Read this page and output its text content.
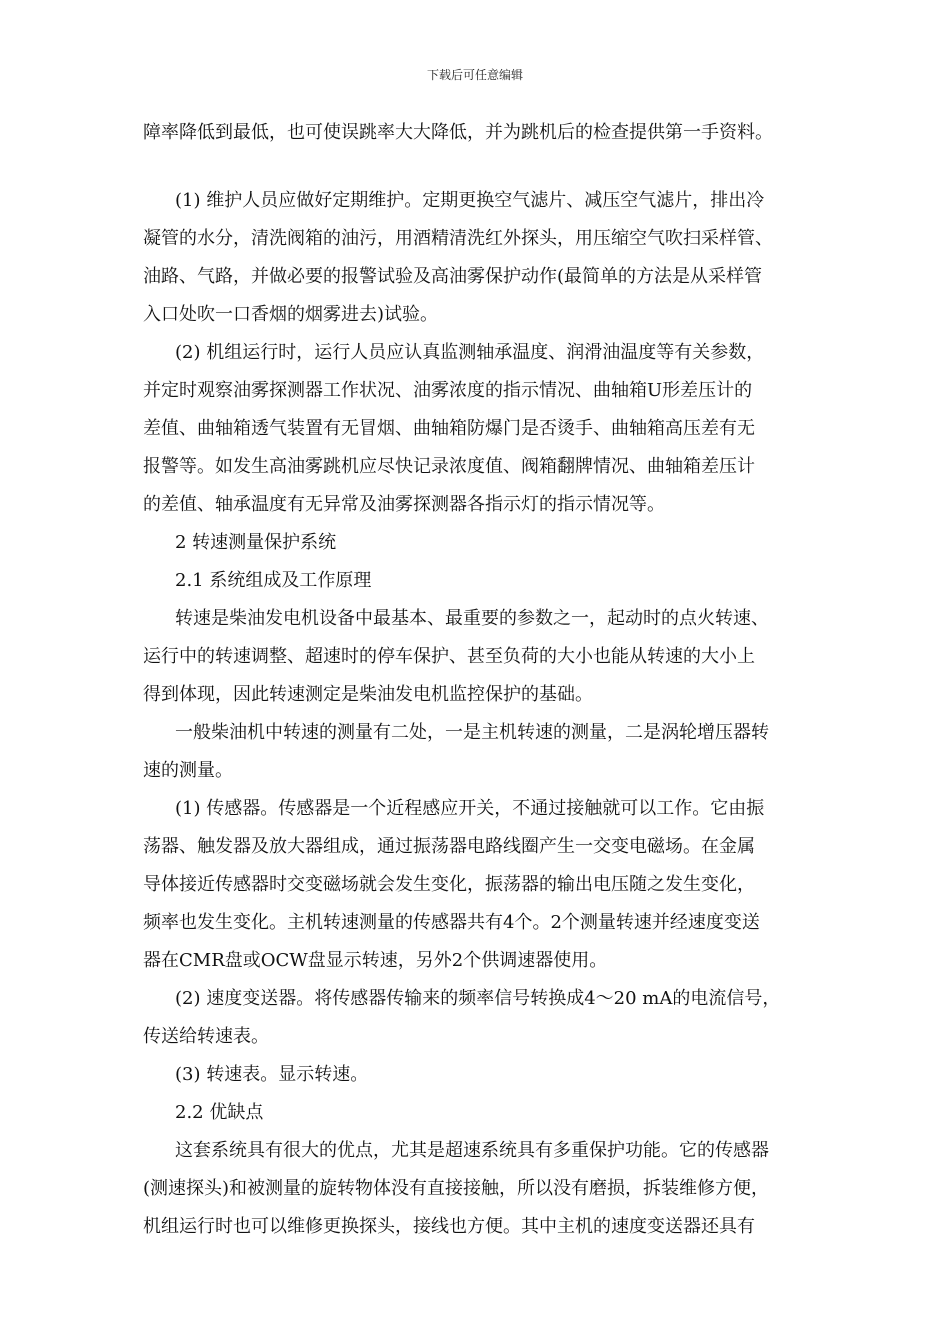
下载后可任意编辑
障率降低到最低，也可使误跳率大大降低，并为跳机后的检查提供第一手资料。
(1) 维护人员应做好定期维护。定期更换空气滤片、减压空气滤片，排出冷
凝管的水分，清洗阀箱的油污，用酒精清洗红外探头，用压缩空气吹扫采样管、
油路、气路，并做必要的报警试验及高油雾保护动作(最简单的方法是从采样管
入口处吹一口香烟的烟雾进去)试验。
(2) 机组运行时，运行人员应认真监测轴承温度、润滑油温度等有关参数，
并定时观察油雾探测器工作状况、油雾浓度的指示情况、曲轴箱U形差压计的
差值、曲轴箱透气装置有无冒烟、曲轴箱防爆门是否烫手、曲轴箱高压差有无
报警等。如发生高油雾跳机应尽快记录浓度值、阀箱翻牌情况、曲轴箱差压计
的差值、轴承温度有无异常及油雾探测器各指示灯的指示情况等。
2 转速测量保护系统
2.1 系统组成及工作原理
转速是柴油发电机设备中最基本、最重要的参数之一，起动时的点火转速、
运行中的转速调整、超速时的停车保护、甚至负荷的大小也能从转速的大小上
得到体现，因此转速测定是柴油发电机监控保护的基础。
一般柴油机中转速的测量有二处，一是主机转速的测量，二是涡轮增压器转
速的测量。
(1) 传感器。传感器是一个近程感应开关，不通过接触就可以工作。它由振
荡器、触发器及放大器组成，通过振荡器电路线圈产生一交变电磁场。在金属
导体接近传感器时交变磁场就会发生变化，振荡器的输出电压随之发生变化，
频率也发生变化。主机转速测量的传感器共有4个。2个测量转速并经速度变送
器在CMR盘或OCW盘显示转速，另外2个供调速器使用。
(2) 速度变送器。将传感器传输来的频率信号转换成4～20 mA的电流信号，
传送给转速表。
(3) 转速表。显示转速。
2.2 优缺点
这套系统具有很大的优点，尤其是超速系统具有多重保护功能。它的传感器
(测速探头)和被测量的旋转物体没有直接接触，所以没有磨损，拆装维修方便，
机组运行时也可以维修更换探头，接线也方便。其中主机的速度变送器还具有
